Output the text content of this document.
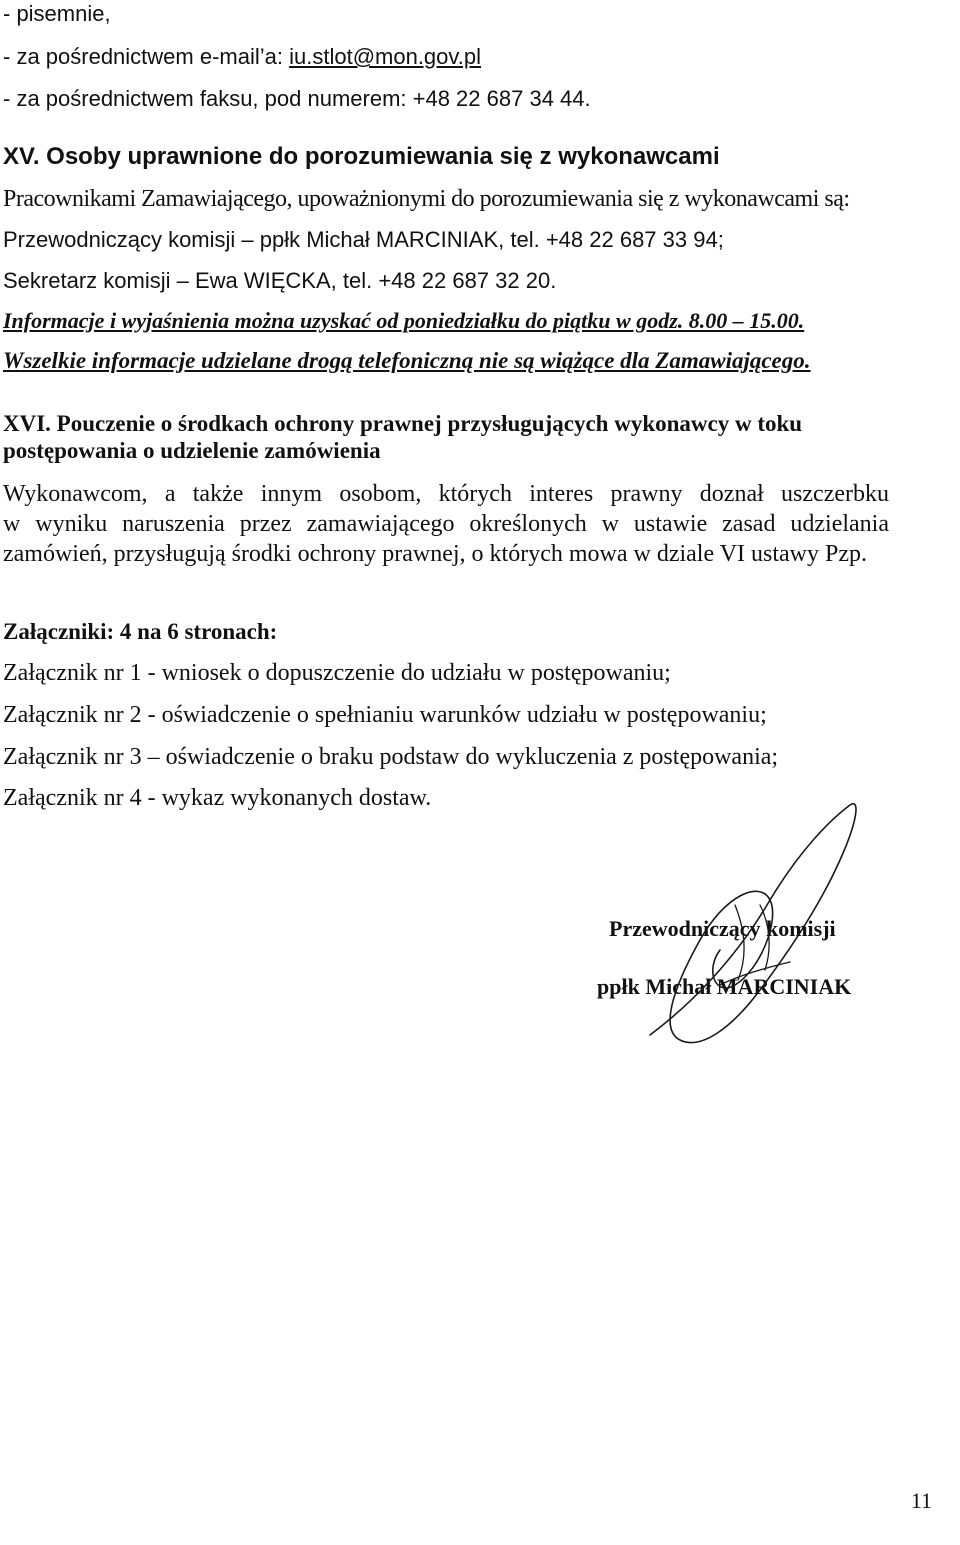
- pisemnie,
- za pośrednictwem e-mail’a: iu.stlot@mon.gov.pl
- za pośrednictwem faksu, pod numerem: +48 22 687 34 44.
XV. Osoby uprawnione do porozumiewania się z wykonawcami
Pracownikami Zamawiającego, upoważnionymi do porozumiewania się z wykonawcami są:
Przewodniczący komisji – ppłk Michał MARCINIAK, tel. +48 22 687 33 94;
Sekretarz komisji – Ewa WIĘCKA, tel. +48 22 687 32 20.
Informacje i wyjaśnienia można uzyskać od poniedziałku do piątku w godz. 8.00 – 15.00.
Wszelkie informacje udzielane drogą telefoniczną nie są wiążące dla Zamawiającego.
XVI. Pouczenie o środkach ochrony prawnej przysługujących wykonawcy w toku
postępowania o udzielenie zamówienia
Wykonawcom, a także innym osobom, których interes prawny doznał uszczerbku
w wyniku naruszenia przez zamawiającego określonych w ustawie zasad udzielania
zamówień, przysługują środki ochrony prawnej, o których mowa w dziale VI ustawy Pzp.
Załączniki: 4 na 6 stronach:
Załącznik nr 1 - wniosek o dopuszczenie do udziału w postępowaniu;
Załącznik nr 2 - oświadczenie o spełnianiu warunków udziału w postępowaniu;
Załącznik nr 3 – oświadczenie o braku podstaw do wykluczenia z postępowania;
Załącznik nr 4 - wykaz wykonanych dostaw.
Przewodniczący komisji
ppłk Michał MARCINIAK
11
